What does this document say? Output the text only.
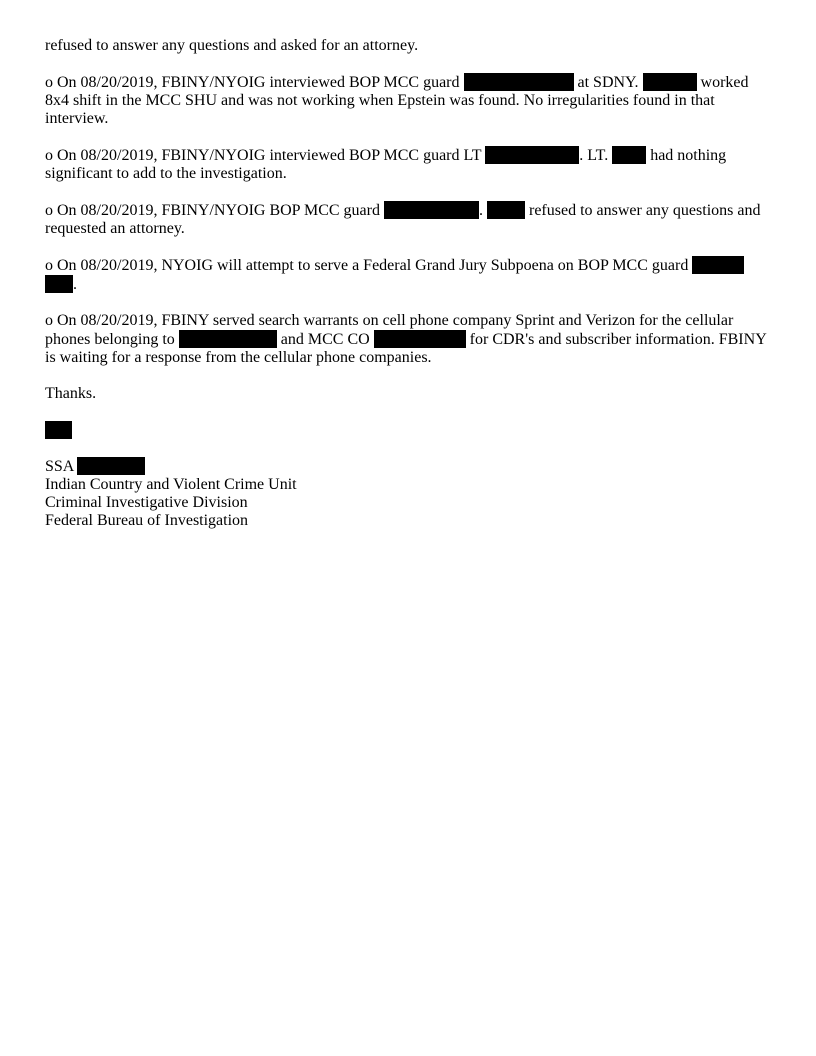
refused to answer any questions and asked for an attorney.

o On 08/20/2019, FBINY/NYOIG interviewed BOP MCC guard	at SDNY.	worked 8x4 shift in the MCC SHU and was not working when Epstein was found. No irregularities found in that interview.

o On 08/20/2019, FBINY/NYOIG interviewed BOP MCC guard LT	. LT.  had nothing significant to add to the investigation.

o On 08/20/2019, FBINY/NYOIG BOP MCC guard	.  refused to answer any questions and requested an attorney.

o On 08/20/2019, NYOIG will attempt to serve a Federal Grand Jury Subpoena on BOP MCC guard  .

o On 08/20/2019, FBINY served search warrants on cell phone company Sprint and Verizon for the cellular phones belonging to	and MCC CO	for CDR's and subscriber information. FBINY is waiting for a response from the cellular phone companies.

Thanks.

SSA

Indian Country and Violent Crime Unit

Criminal Investigative Division

Federal Bureau of Investigation
